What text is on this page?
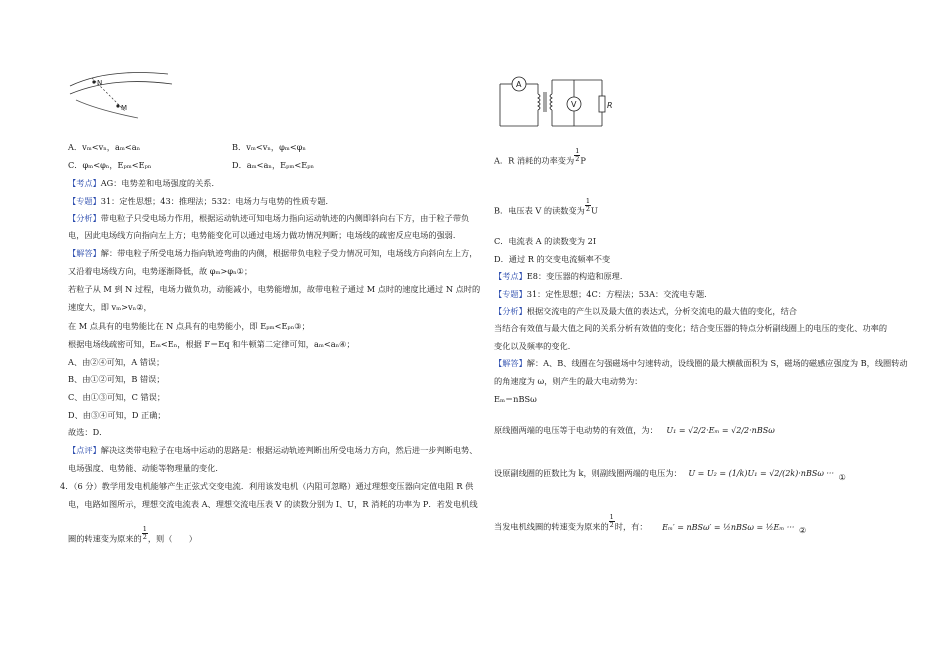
N
M
A．vₘ<vₙ，aₘ<aₙ	B．vₘ<vₙ，φₘ<φₙ
C．φₘ<φₙ，Eₚₘ<Eₚₙ	D．aₘ<aₙ，Eₚₘ<Eₚₙ
【考点】AG：电势差和电场强度的关系．
【专题】31：定性思想；43：推理法；532：电场力与电势的性质专题．
【分析】带电粒子只受电场力作用，根据运动轨迹可知电场力指向运动轨迹的内侧即斜向右下方，由于粒子带负
电，因此电场线方向指向左上方；电势能变化可以通过电场力做功情况判断；电场线的疏密反应电场的强弱．
【解答】解：带电粒子所受电场力指向轨迹弯曲的内侧，根据带负电粒子受力情况可知，电场线方向斜向左上方，
又沿着电场线方向，电势逐渐降低，故 φₘ>φₙ①；
若粒子从 M 到 N 过程，电场力做负功，动能减小，电势能增加，故带电粒子通过 M 点时的速度比通过 N 点时的
速度大，即 vₘ>vₙ②，
在 M 点具有的电势能比在 N 点具有的电势能小，即 Eₚₘ<Eₚₙ③；
根据电场线疏密可知，Eₘ<Eₙ，根据 F＝Eq 和牛顿第二定律可知，aₘ<aₙ④；
A、由②④可知，A 错误；
B、由①②可知，B 错误；
C、由①③可知，C 错误；
D、由③④可知，D 正确；
故选：D．
【点评】解决这类带电粒子在电场中运动的思路是：根据运动轨迹判断出所受电场力方向，然后进一步判断电势、
电场强度、电势能、动能等物理量的变化．
4．（6 分）教学用发电机能够产生正弦式交变电流．利用该发电机（内阻可忽略）通过理想变压器向定值电阻 R 供
电，电路如图所示，理想交流电流表 A、理想交流电压表 V 的读数分别为 I、U，R 消耗的功率为 P．若发电机线
圈的转速变为原来的 $\frac{1}{2}$ ，则（　　）
A
V	R
A．R 消耗的功率变为 $\frac{1}{2}$ P
B．电压表 V 的读数变为 $\frac{1}{2}$ U
C．电流表 A 的读数变为 2I
D．通过 R 的交变电流频率不变
【考点】E8：变压器的构造和原理．
【专题】31：定性思想；4C：方程法；53A：交流电专题．
【分析】根据交流电的产生以及最大值的表达式，分析交流电的最大值的变化，结合
当结合有效值与最大值之间的关系分析有效值的变化；结合变压器的特点分析副线圈上的电压的变化、功率的
变化以及频率的变化．
【解答】解：A、B、线圈在匀强磁场中匀速转动，设线圈的最大横截面积为 S，磁场的磁感应强度为 B，线圈转动
的角速度为 ω，则产生的最大电动势为：
Eₘ＝nBSω
原线圈两端的电压等于电动势的有效值，为： U₁ = √2/2·Eₘ = √2/2·nBSω
设原副线圈的匝数比为 k，则副线圈两端的电压为： U = U₂ = (1/k)U₁ = √2/(2k)·nBSω ··· ①
当发电机线圈的转速变为原来的 $\frac{1}{2}$ 时，有： Eₘ′ = nBSω′ = ½nBSω = ½Eₘ ··· ②
